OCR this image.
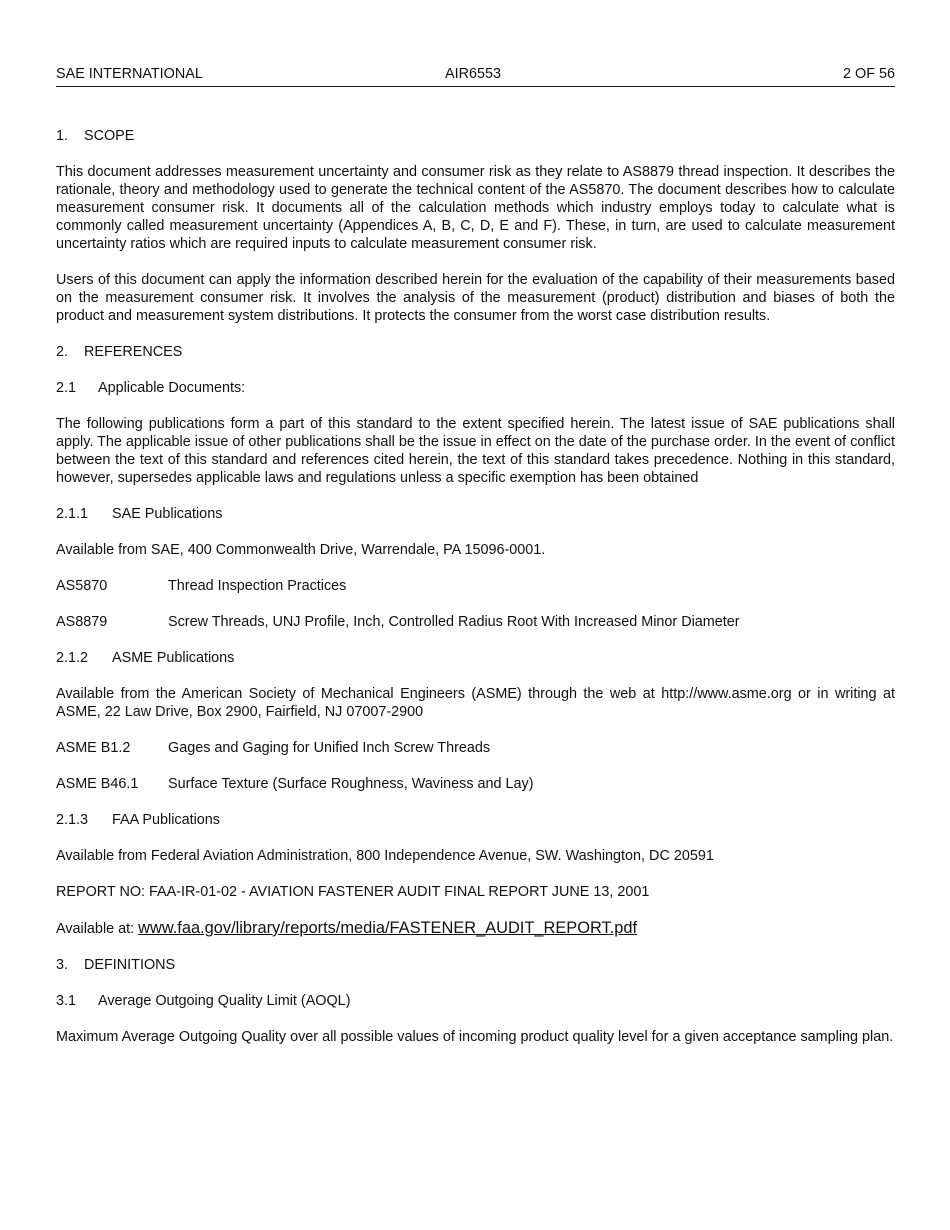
SAE INTERNATIONAL	AIR6553	2 OF 56
1. SCOPE
This document addresses measurement uncertainty and consumer risk as they relate to AS8879 thread inspection. It describes the rationale, theory and methodology used to generate the technical content of the AS5870. The document describes how to calculate measurement consumer risk. It documents all of the calculation methods which industry employs today to calculate what is commonly called measurement uncertainty (Appendices A, B, C, D, E and F). These, in turn, are used to calculate measurement uncertainty ratios which are required inputs to calculate measurement consumer risk.
Users of this document can apply the information described herein for the evaluation of the capability of their measurements based on the measurement consumer risk. It involves the analysis of the measurement (product) distribution and biases of both the product and measurement system distributions. It protects the consumer from the worst case distribution results.
2. REFERENCES
2.1 Applicable Documents:
The following publications form a part of this standard to the extent specified herein. The latest issue of SAE publications shall apply. The applicable issue of other publications shall be the issue in effect on the date of the purchase order. In the event of conflict between the text of this standard and references cited herein, the text of this standard takes precedence. Nothing in this standard, however, supersedes applicable laws and regulations unless a specific exemption has been obtained
2.1.1 SAE Publications
Available from SAE, 400 Commonwealth Drive, Warrendale, PA 15096-0001.
AS5870	Thread Inspection Practices
AS8879	Screw Threads, UNJ Profile, Inch, Controlled Radius Root With Increased Minor Diameter
2.1.2 ASME Publications
Available from the American Society of Mechanical Engineers (ASME) through the web at http://www.asme.org or in writing at ASME, 22 Law Drive, Box 2900, Fairfield, NJ 07007-2900
ASME B1.2	Gages and Gaging for Unified Inch Screw Threads
ASME B46.1	Surface Texture (Surface Roughness, Waviness and Lay)
2.1.3 FAA Publications
Available from Federal Aviation Administration, 800 Independence Avenue, SW. Washington, DC 20591
REPORT NO: FAA-IR-01-02 - AVIATION FASTENER AUDIT FINAL REPORT JUNE 13, 2001
Available at: www.faa.gov/library/reports/media/FASTENER_AUDIT_REPORT.pdf
3. DEFINITIONS
3.1 Average Outgoing Quality Limit (AOQL)
Maximum Average Outgoing Quality over all possible values of incoming product quality level for a given acceptance sampling plan.
